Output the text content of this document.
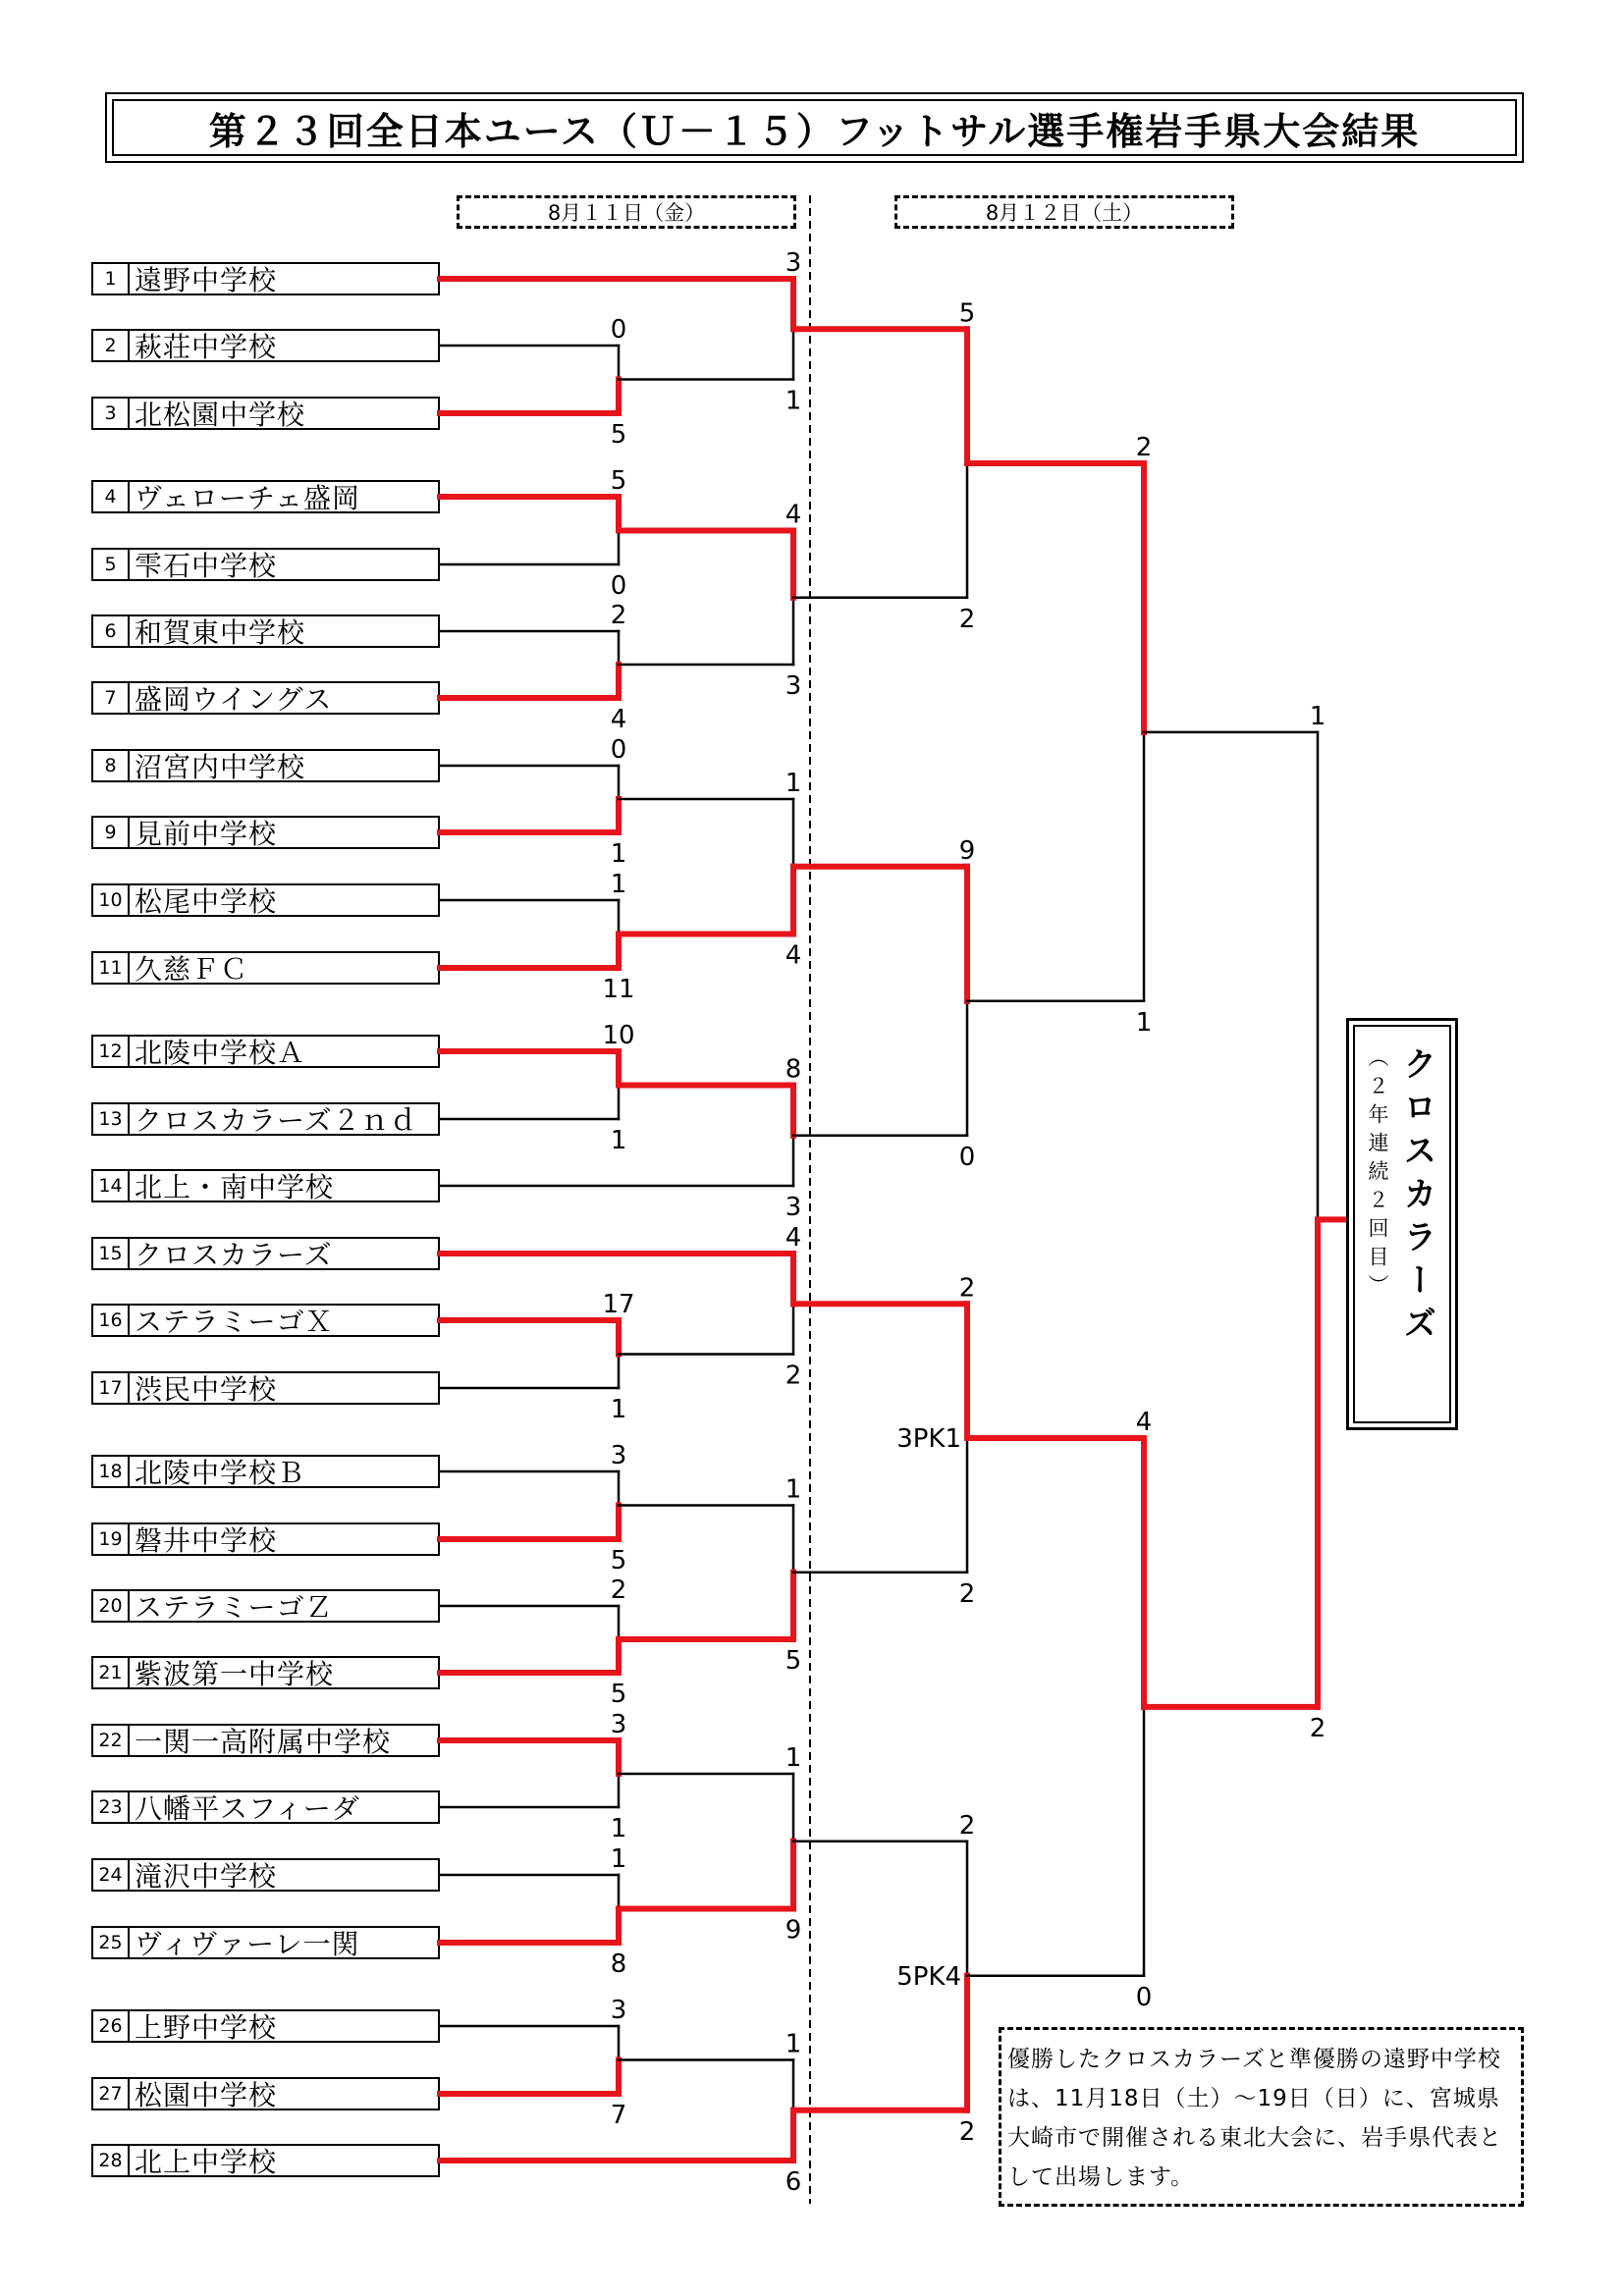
第２３回全日本ユース（Ｕ－１５）フットサル選手権岩手県大会結果
8月１１日（金）	8月１２日（土）
1 遠野中学校
2 萩荘中学校
3 北松園中学校
4 ヴェローチェ盛岡
5 雫石中学校
6 和賀東中学校
7 盛岡ウイングス
8 沼宮内中学校
9 見前中学校
10 松尾中学校
11 久慈ＦＣ
12 北陵中学校Ａ
13 クロスカラーズ２ｎｄ
14 北上・南中学校
15 クロスカラーズ
16 ステラミーゴＸ
17 渋民中学校
18 北陵中学校Ｂ
19 磐井中学校
20 ステラミーゴＺ
21 紫波第一中学校
22 一関一高附属中学校
23 八幡平スフィーダ
24 滝沢中学校
25 ヴィヴァーレ一関
26 上野中学校
27 松園中学校
28 北上中学校
0
5
5
0
2
4
0
1
1
11
10
1
17
1
3
5
2
5
3
1
1
8
3
7
3
1
4
3
1
4
8
3
4
2
1
5
1
9
1
6
5
2
9
0
2
2
3PK1
2
2
5PK4
2
1
4
0
1
2
（２年連続２回目） クロスカラーズ
優勝したクロスカラーズと準優勝の遠野中学校は、11月18日（土）～19日（日）に、宮城県大崎市で開催される東北大会に、岩手県代表として出場します。
